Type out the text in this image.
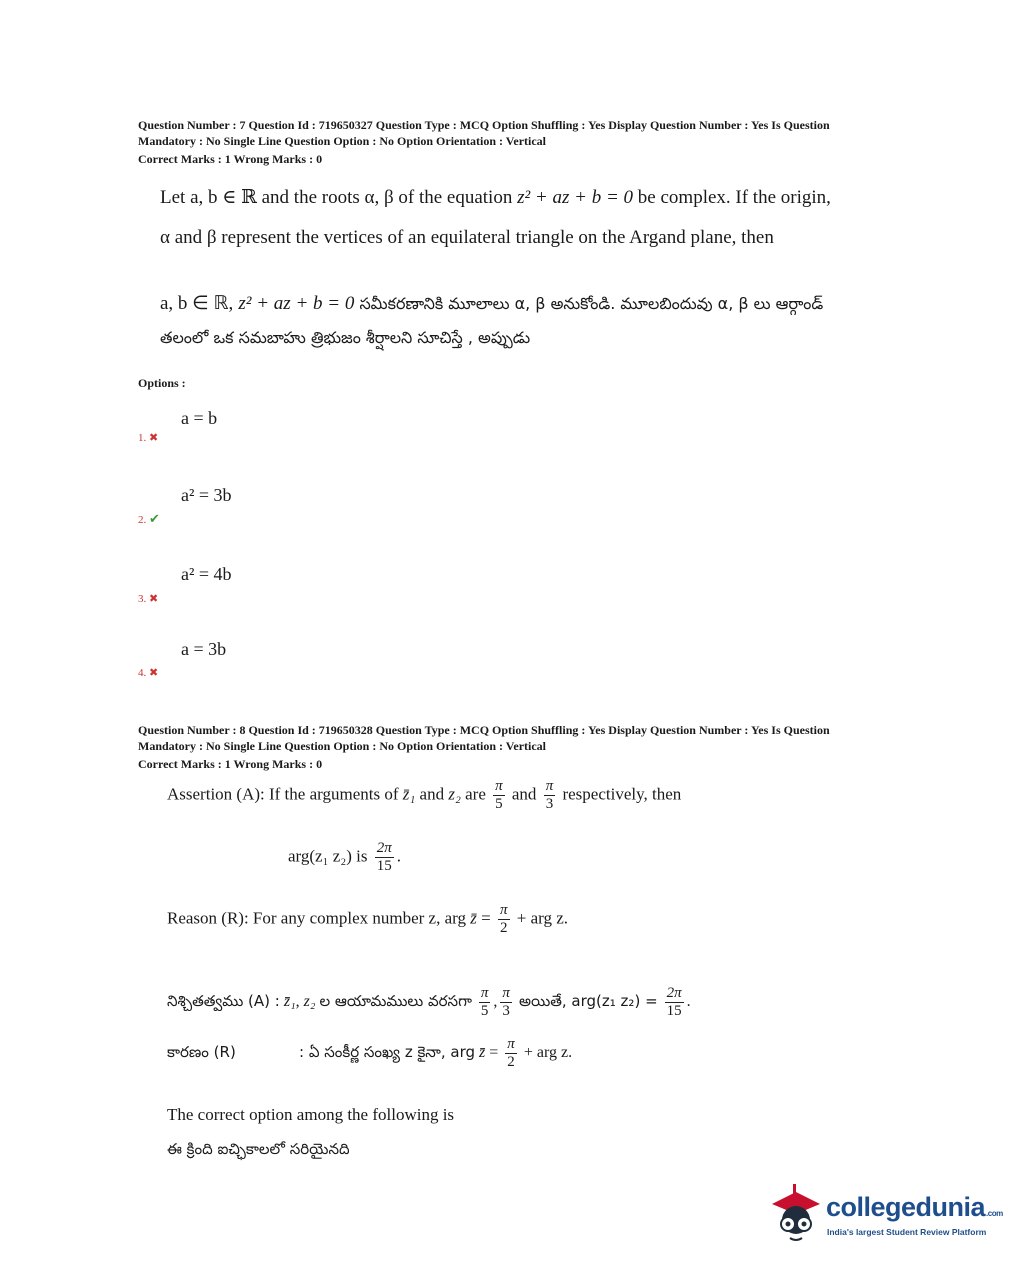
Question Number : 7 Question Id : 719650327 Question Type : MCQ Option Shuffling : Yes Display Question Number : Yes Is Question
Mandatory : No Single Line Question Option : No Option Orientation : Vertical
Correct Marks : 1 Wrong Marks : 0
Let a, b ∈ ℝ and the roots α, β of the equation z² + az + b = 0 be complex. If the origin,
α and β represent the vertices of an equilateral triangle on the Argand plane, then
a, b ∈ ℝ, z² + az + b = 0 సమీకరణానికి మూలాలు α, β అనుకోండి. మూలబిందువు α, β లు ఆర్గాండ్
తలంలో ఒక సమబాహు త్రిభుజం శీర్షాలని సూచిస్తే , అప్పుడు
Options :
a = b
1. ✖
a² = 3b
2. ✔
a² = 4b
3. ✖
a = 3b
4. ✖
Question Number : 8 Question Id : 719650328 Question Type : MCQ Option Shuffling : Yes Display Question Number : Yes Is Question
Mandatory : No Single Line Question Option : No Option Orientation : Vertical
Correct Marks : 1 Wrong Marks : 0
Assertion (A): If the arguments of z̄₁ and z₂ are $\frac{\pi}{5}$ and $\frac{\pi}{3}$ respectively, then
arg(z₁ z₂) is $\frac{2\pi}{15}$ .
Reason (R): For any complex number z, arg z̄ = $\frac{\pi}{2}$ + arg z.
నిశ్చితత్వము (A) : z̄₁, z₂ ల ఆయామములు వరసగా $\frac{\pi}{5}$ , $\frac{\pi}{3}$ అయితే, arg(z₁ $z_2) = \frac{2\pi}{15}$ .
కారణం (R)	: ఏ సంకీర్ణ సంఖ్య z కైనా, arg z̄ = $\frac{\pi}{2}$ + arg z.
The correct option among the following is
ఈ క్రింది ఐచ్ఛికాలలో సరియైనది
collegedunia.com
India's largest Student Review Platform
